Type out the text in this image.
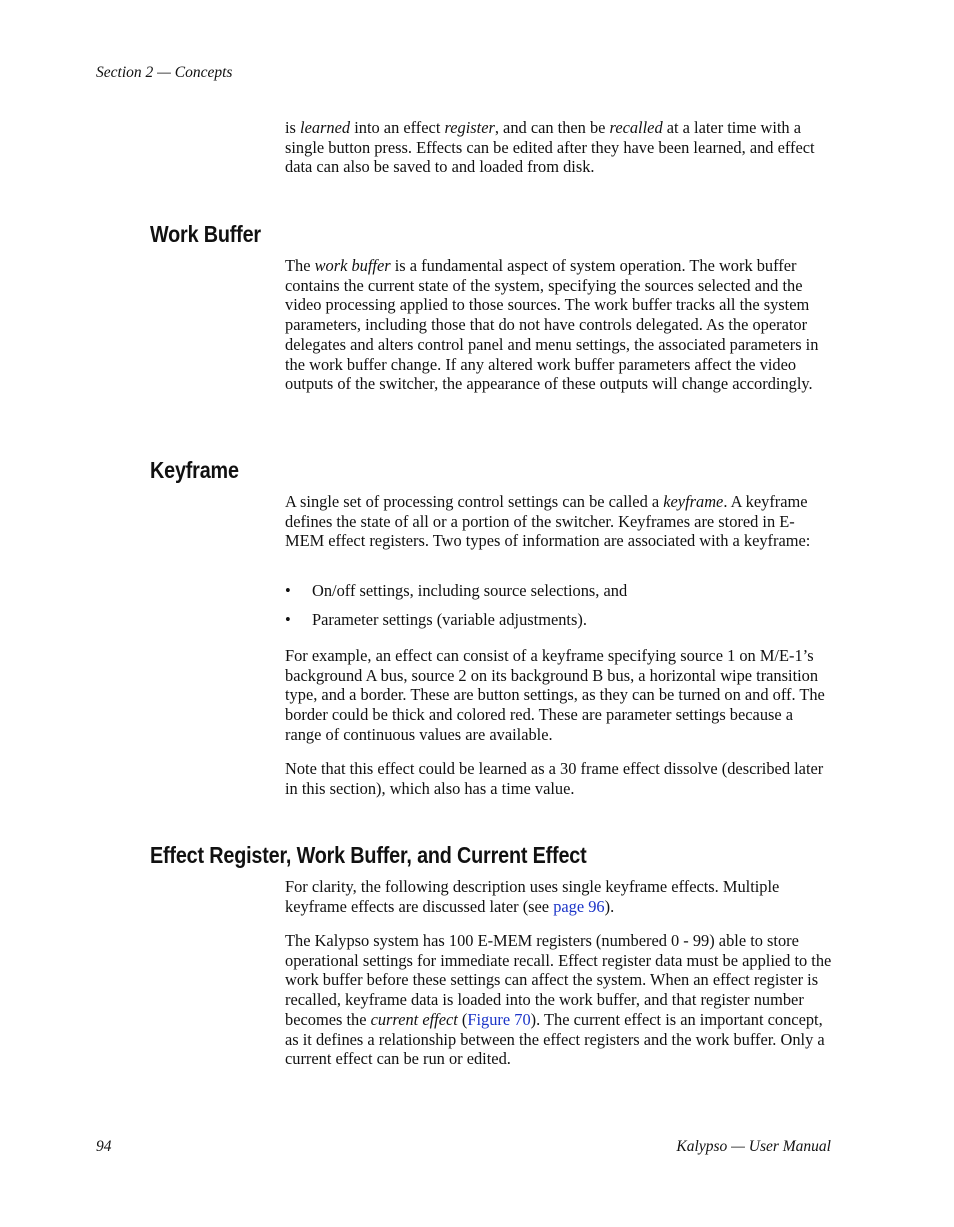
Section 2 — Concepts

is learned into an effect register, and can then be recalled at a later time with a single button press. Effects can be edited after they have been learned, and effect data can also be saved to and loaded from disk.

Work Buffer

The work buffer is a fundamental aspect of system operation. The work buffer contains the current state of the system, specifying the sources selected and the video processing applied to those sources. The work buffer tracks all the system parameters, including those that do not have controls delegated. As the operator delegates and alters control panel and menu settings, the associated parameters in the work buffer change. If any altered work buffer parameters affect the video outputs of the switcher, the appearance of these outputs will change accordingly.

Keyframe

A single set of processing control settings can be called a keyframe. A keyframe defines the state of all or a portion of the switcher. Keyframes are stored in E-MEM effect registers. Two types of information are associated with a keyframe:

• On/off settings, including source selections, and
• Parameter settings (variable adjustments).

For example, an effect can consist of a keyframe specifying source 1 on M/E-1’s background A bus, source 2 on its background B bus, a horizontal wipe transition type, and a border. These are button settings, as they can be turned on and off. The border could be thick and colored red. These are parameter settings because a range of continuous values are available.

Note that this effect could be learned as a 30 frame effect dissolve (described later in this section), which also has a time value.

Effect Register, Work Buffer, and Current Effect

For clarity, the following description uses single keyframe effects. Multiple keyframe effects are discussed later (see page 96).

The Kalypso system has 100 E-MEM registers (numbered 0 - 99) able to store operational settings for immediate recall. Effect register data must be applied to the work buffer before these settings can affect the system. When an effect register is recalled, keyframe data is loaded into the work buffer, and that register number becomes the current effect (Figure 70). The current effect is an important concept, as it defines a relationship between the effect registers and the work buffer. Only a current effect can be run or edited.

94	Kalypso — User Manual
